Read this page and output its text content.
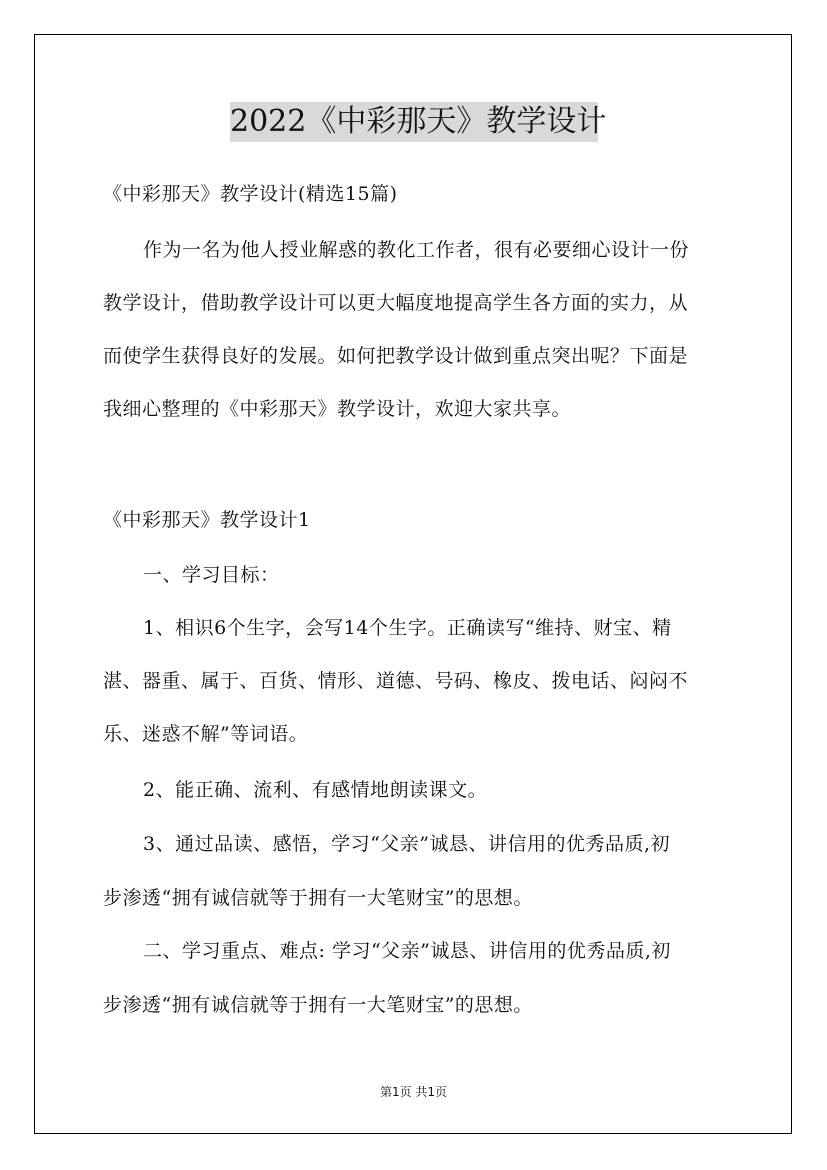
2022《中彩那天》教学设计
《中彩那天》教学设计(精选15篇)
作为一名为他人授业解惑的教化工作者，很有必要细心设计一份
教学设计，借助教学设计可以更大幅度地提高学生各方面的实力，从
而使学生获得良好的发展。如何把教学设计做到重点突出呢？下面是
我细心整理的《中彩那天》教学设计，欢迎大家共享。
《中彩那天》教学设计1
一、学习目标：
1、相识6个生字，会写14个生字。正确读写“维持、财宝、精
湛、器重、属于、百货、情形、道德、号码、橡皮、拨电话、闷闷不
乐、迷惑不解”等词语。
2、能正确、流利、有感情地朗读课文。
3、通过品读、感悟，学习“父亲”诚恳、讲信用的优秀品质,初
步渗透“拥有诚信就等于拥有一大笔财宝”的思想。
二、学习重点、难点: 学习“父亲”诚恳、讲信用的优秀品质,初
步渗透“拥有诚信就等于拥有一大笔财宝”的思想。
第1页 共1页
